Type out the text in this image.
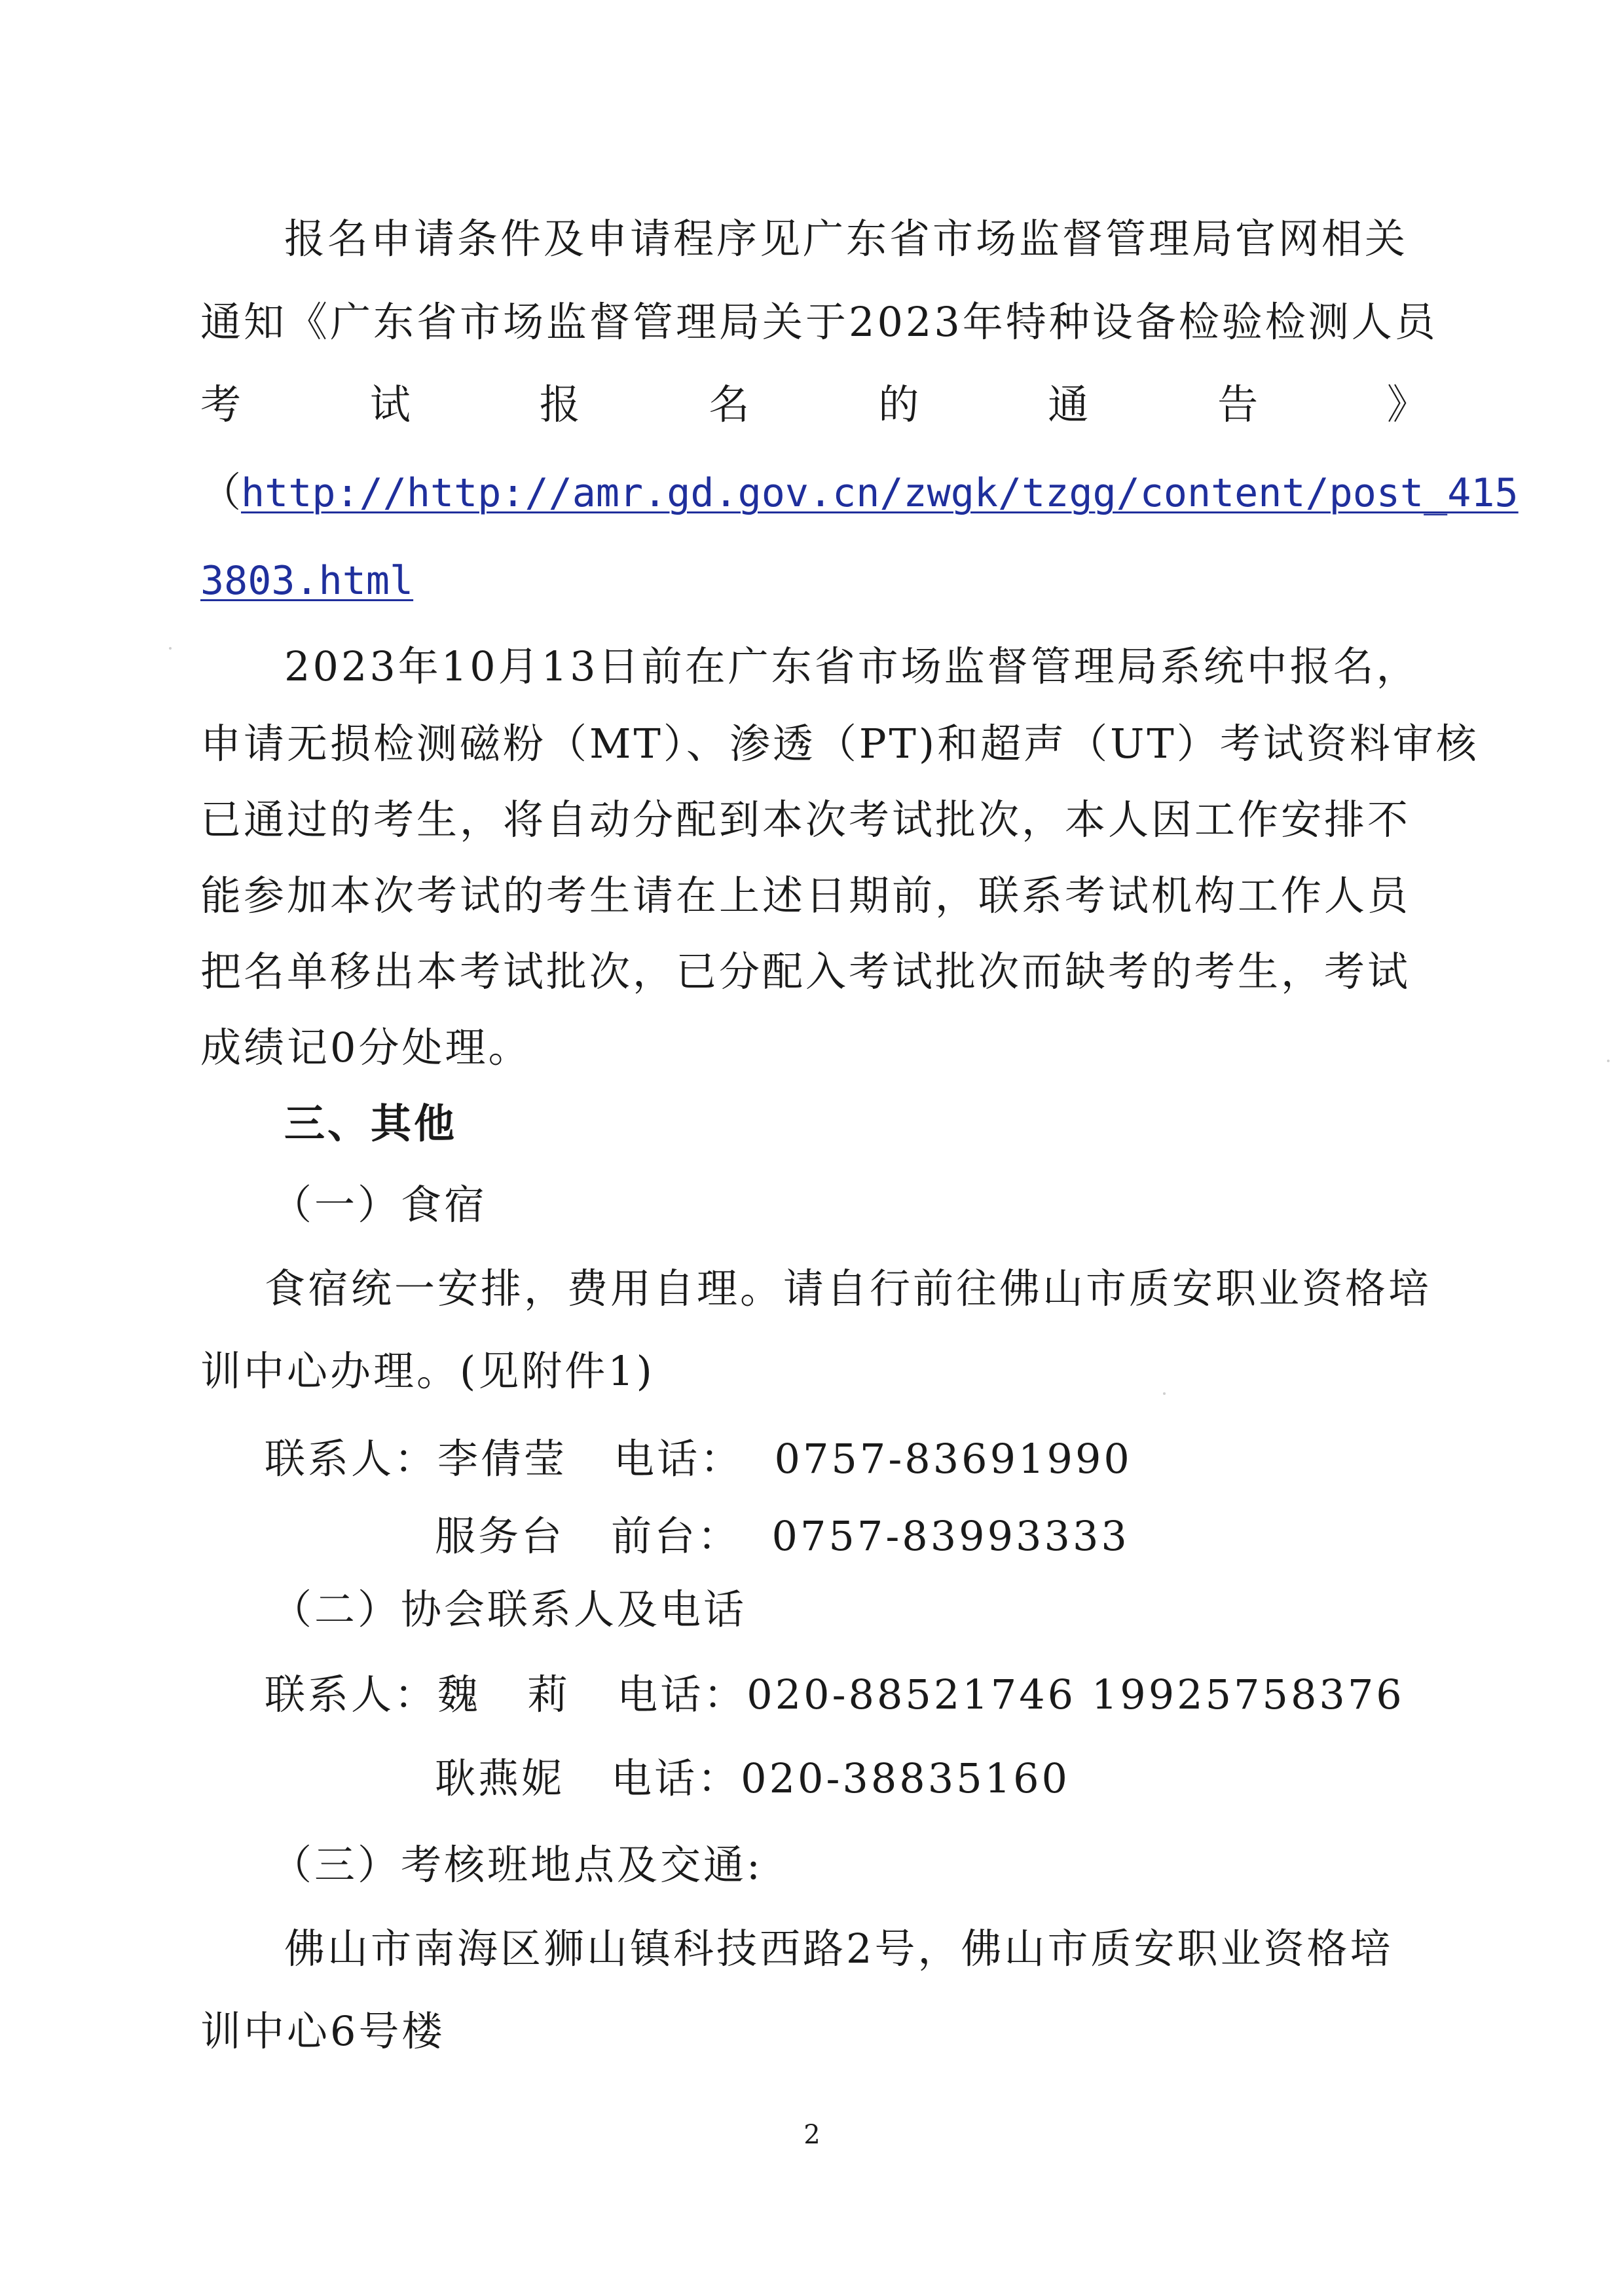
报名申请条件及申请程序见广东省市场监督管理局官网相关
通知《广东省市场监督管理局关于2023年特种设备检验检测人员
考	试	报	名	的	通	告	》
（http://http://amr.gd.gov.cn/zwgk/tzgg/content/post_415
3803.html
2023年10月13日前在广东省市场监督管理局系统中报名，
申请无损检测磁粉（MT）、渗透（PT)和超声（UT）考试资料审核
已通过的考生，将自动分配到本次考试批次，本人因工作安排不
能参加本次考试的考生请在上述日期前，联系考试机构工作人员
把名单移出本考试批次，已分配入考试批次而缺考的考生，考试
成绩记0分处理。
三、其他
（一）食宿
食宿统一安排，费用自理。请自行前往佛山市质安职业资格培
训中心办理。(见附件1)
联系人：李倩莹   电话：  0757-83691990
服务台   前台：  0757-83993333
（二）协会联系人及电话
联系人：魏   莉   电话：020-88521746 19925758376
耿燕妮   电话：020-38835160
（三）考核班地点及交通:
佛山市南海区狮山镇科技西路2号，佛山市质安职业资格培
训中心6号楼
2
